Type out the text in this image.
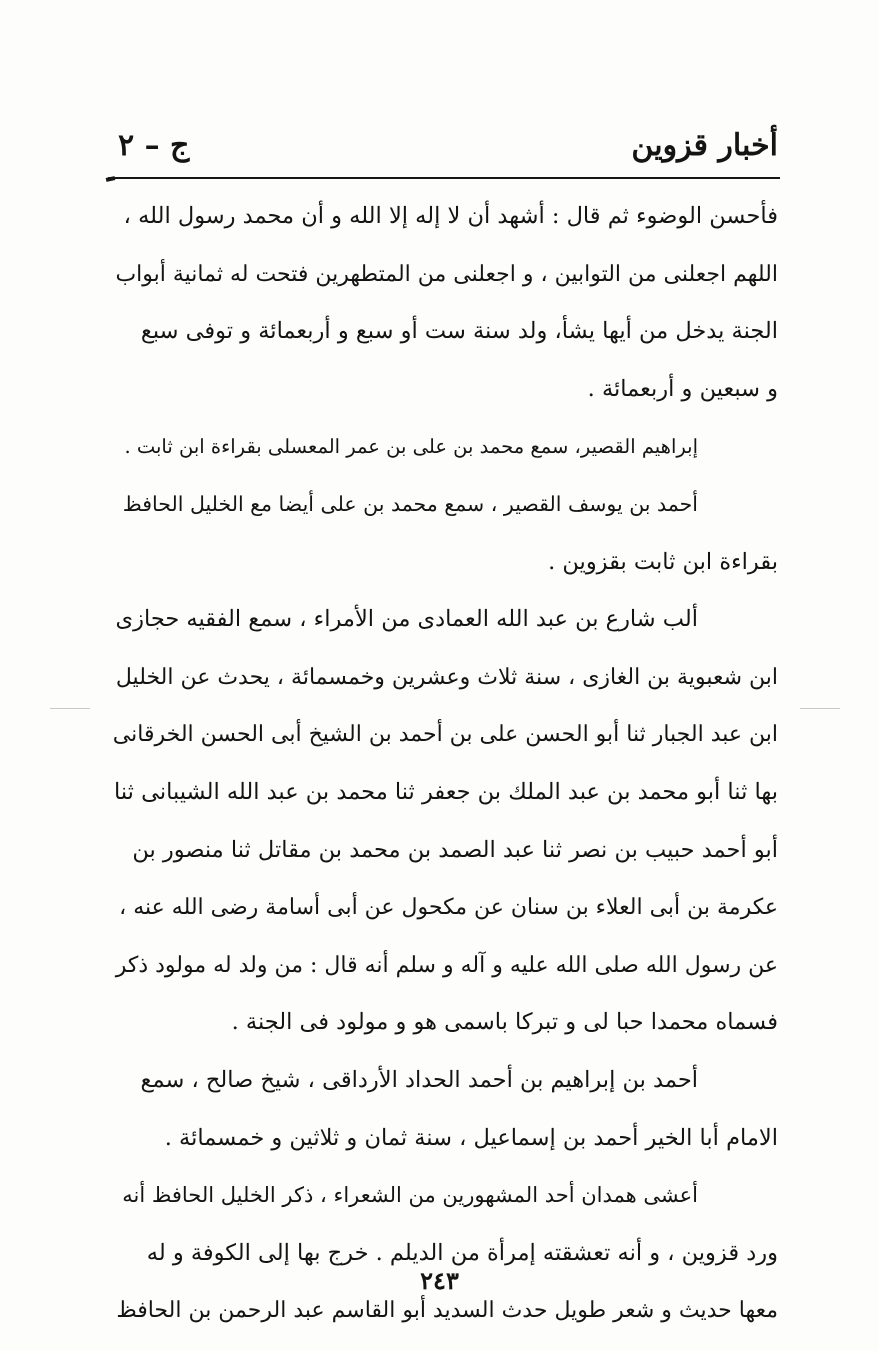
أخبار قزوين
ج – ٢
فأحسن الوضوء ثم قال : أشهد أن لا إله إلا الله و أن محمد رسول الله ،
اللهم اجعلنى من التوابين ، و اجعلنى من المتطهرين فتحت له ثمانية أبواب
الجنة يدخل من أيها يشأ، ولد سنة ست أو سبع و أربعمائة و توفى سبع
و سبعين و أربعمائة .
إبراهيم القصير، سمع محمد بن على بن عمر المعسلى بقراءة ابن ثابت .
أحمد بن يوسف القصير ، سمع محمد بن على أيضا مع الخليل الحافظ
بقراءة ابن ثابت بقزوين .
ألب شارع بن عبد الله العمادى من الأمراء ، سمع الفقيه حجازى
ابن شعبوية بن الغازى ، سنة ثلاث وعشرين وخمسمائة ، يحدث عن الخليل
ابن عبد الجبار ثنا أبو الحسن على بن أحمد بن الشيخ أبى الحسن الخرقانى
بها ثنا أبو محمد بن عبد الملك بن جعفر ثنا محمد بن عبد الله الشيبانى ثنا
أبو أحمد حبيب بن نصر ثنا عبد الصمد بن محمد بن مقاتل ثنا منصور بن
عكرمة بن أبى العلاء بن سنان عن مكحول عن أبى أسامة رضى الله عنه ،
عن رسول الله صلى الله عليه و آله و سلم أنه قال : من ولد له مولود ذكر
فسماه محمدا حبا لى و تبركا باسمى هو و مولود فى الجنة .
أحمد بن إبراهيم بن أحمد الحداد الأرداقى ، شيخ صالح ، سمع
الامام أبا الخير أحمد بن إسماعيل ، سنة ثمان و ثلاثين و خمسمائة .
أعشى همدان أحد المشهورين من الشعراء ، ذكر الخليل الحافظ أنه
ورد قزوين ، و أنه تعشقته إمرأة من الديلم . خرج بها إلى الكوفة و له
معها حديث و شعر طويل حدث السديد أبو القاسم عبد الرحمن بن الحافظ
٢٤٣
